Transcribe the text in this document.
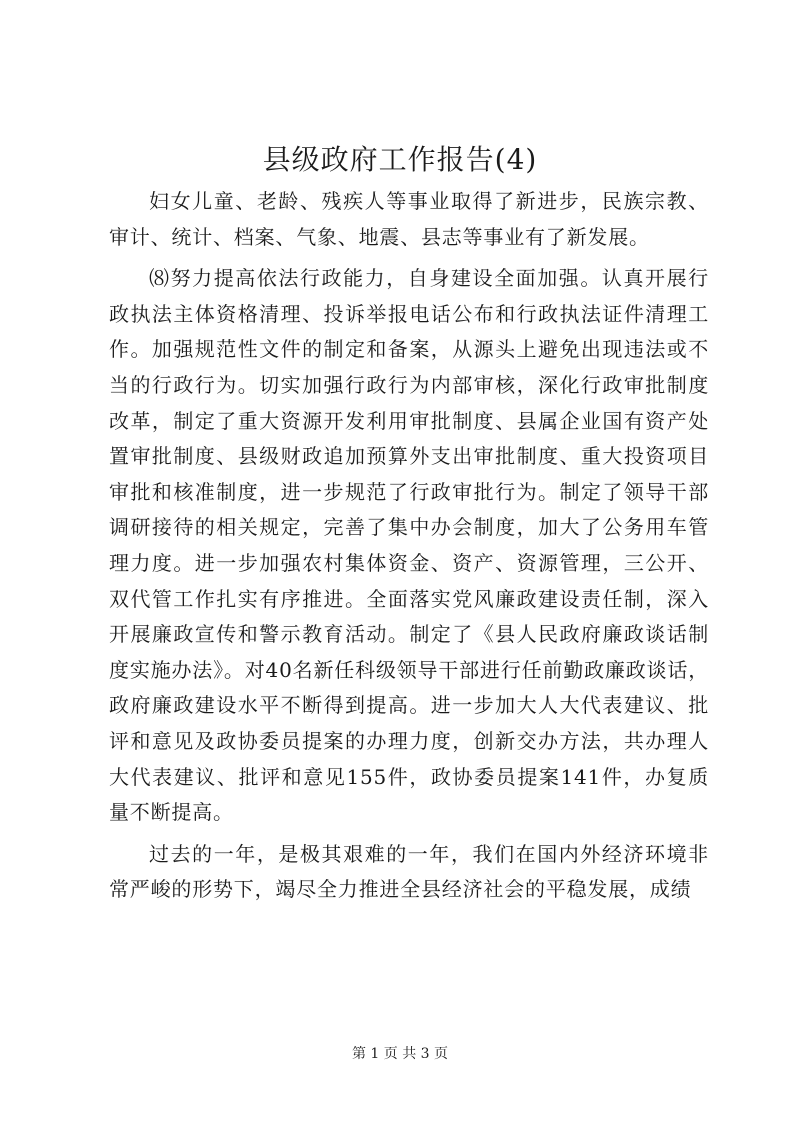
县级政府工作报告(4)

妇女儿童、老龄、残疾人等事业取得了新进步，民族宗教、审计、统计、档案、气象、地震、县志等事业有了新发展。

⑻努力提高依法行政能力，自身建设全面加强。认真开展行政执法主体资格清理、投诉举报电话公布和行政执法证件清理工作。加强规范性文件的制定和备案，从源头上避免出现违法或不当的行政行为。切实加强行政行为内部审核，深化行政审批制度改革，制定了重大资源开发利用审批制度、县属企业国有资产处置审批制度、县级财政追加预算外支出审批制度、重大投资项目审批和核准制度，进一步规范了行政审批行为。制定了领导干部调研接待的相关规定，完善了集中办会制度，加大了公务用车管理力度。进一步加强农村集体资金、资产、资源管理，三公开、双代管工作扎实有序推进。全面落实党风廉政建设责任制，深入开展廉政宣传和警示教育活动。制定了《县人民政府廉政谈话制度实施办法》。对40名新任科级领导干部进行任前勤政廉政谈话，政府廉政建设水平不断得到提高。进一步加大人大代表建议、批评和意见及政协委员提案的办理力度，创新交办方法，共办理人大代表建议、批评和意见155件，政协委员提案141件，办复质量不断提高。

过去的一年，是极其艰难的一年，我们在国内外经济环境非常严峻的形势下，竭尽全力推进全县经济社会的平稳发展，成绩

第 1 页 共 3 页
